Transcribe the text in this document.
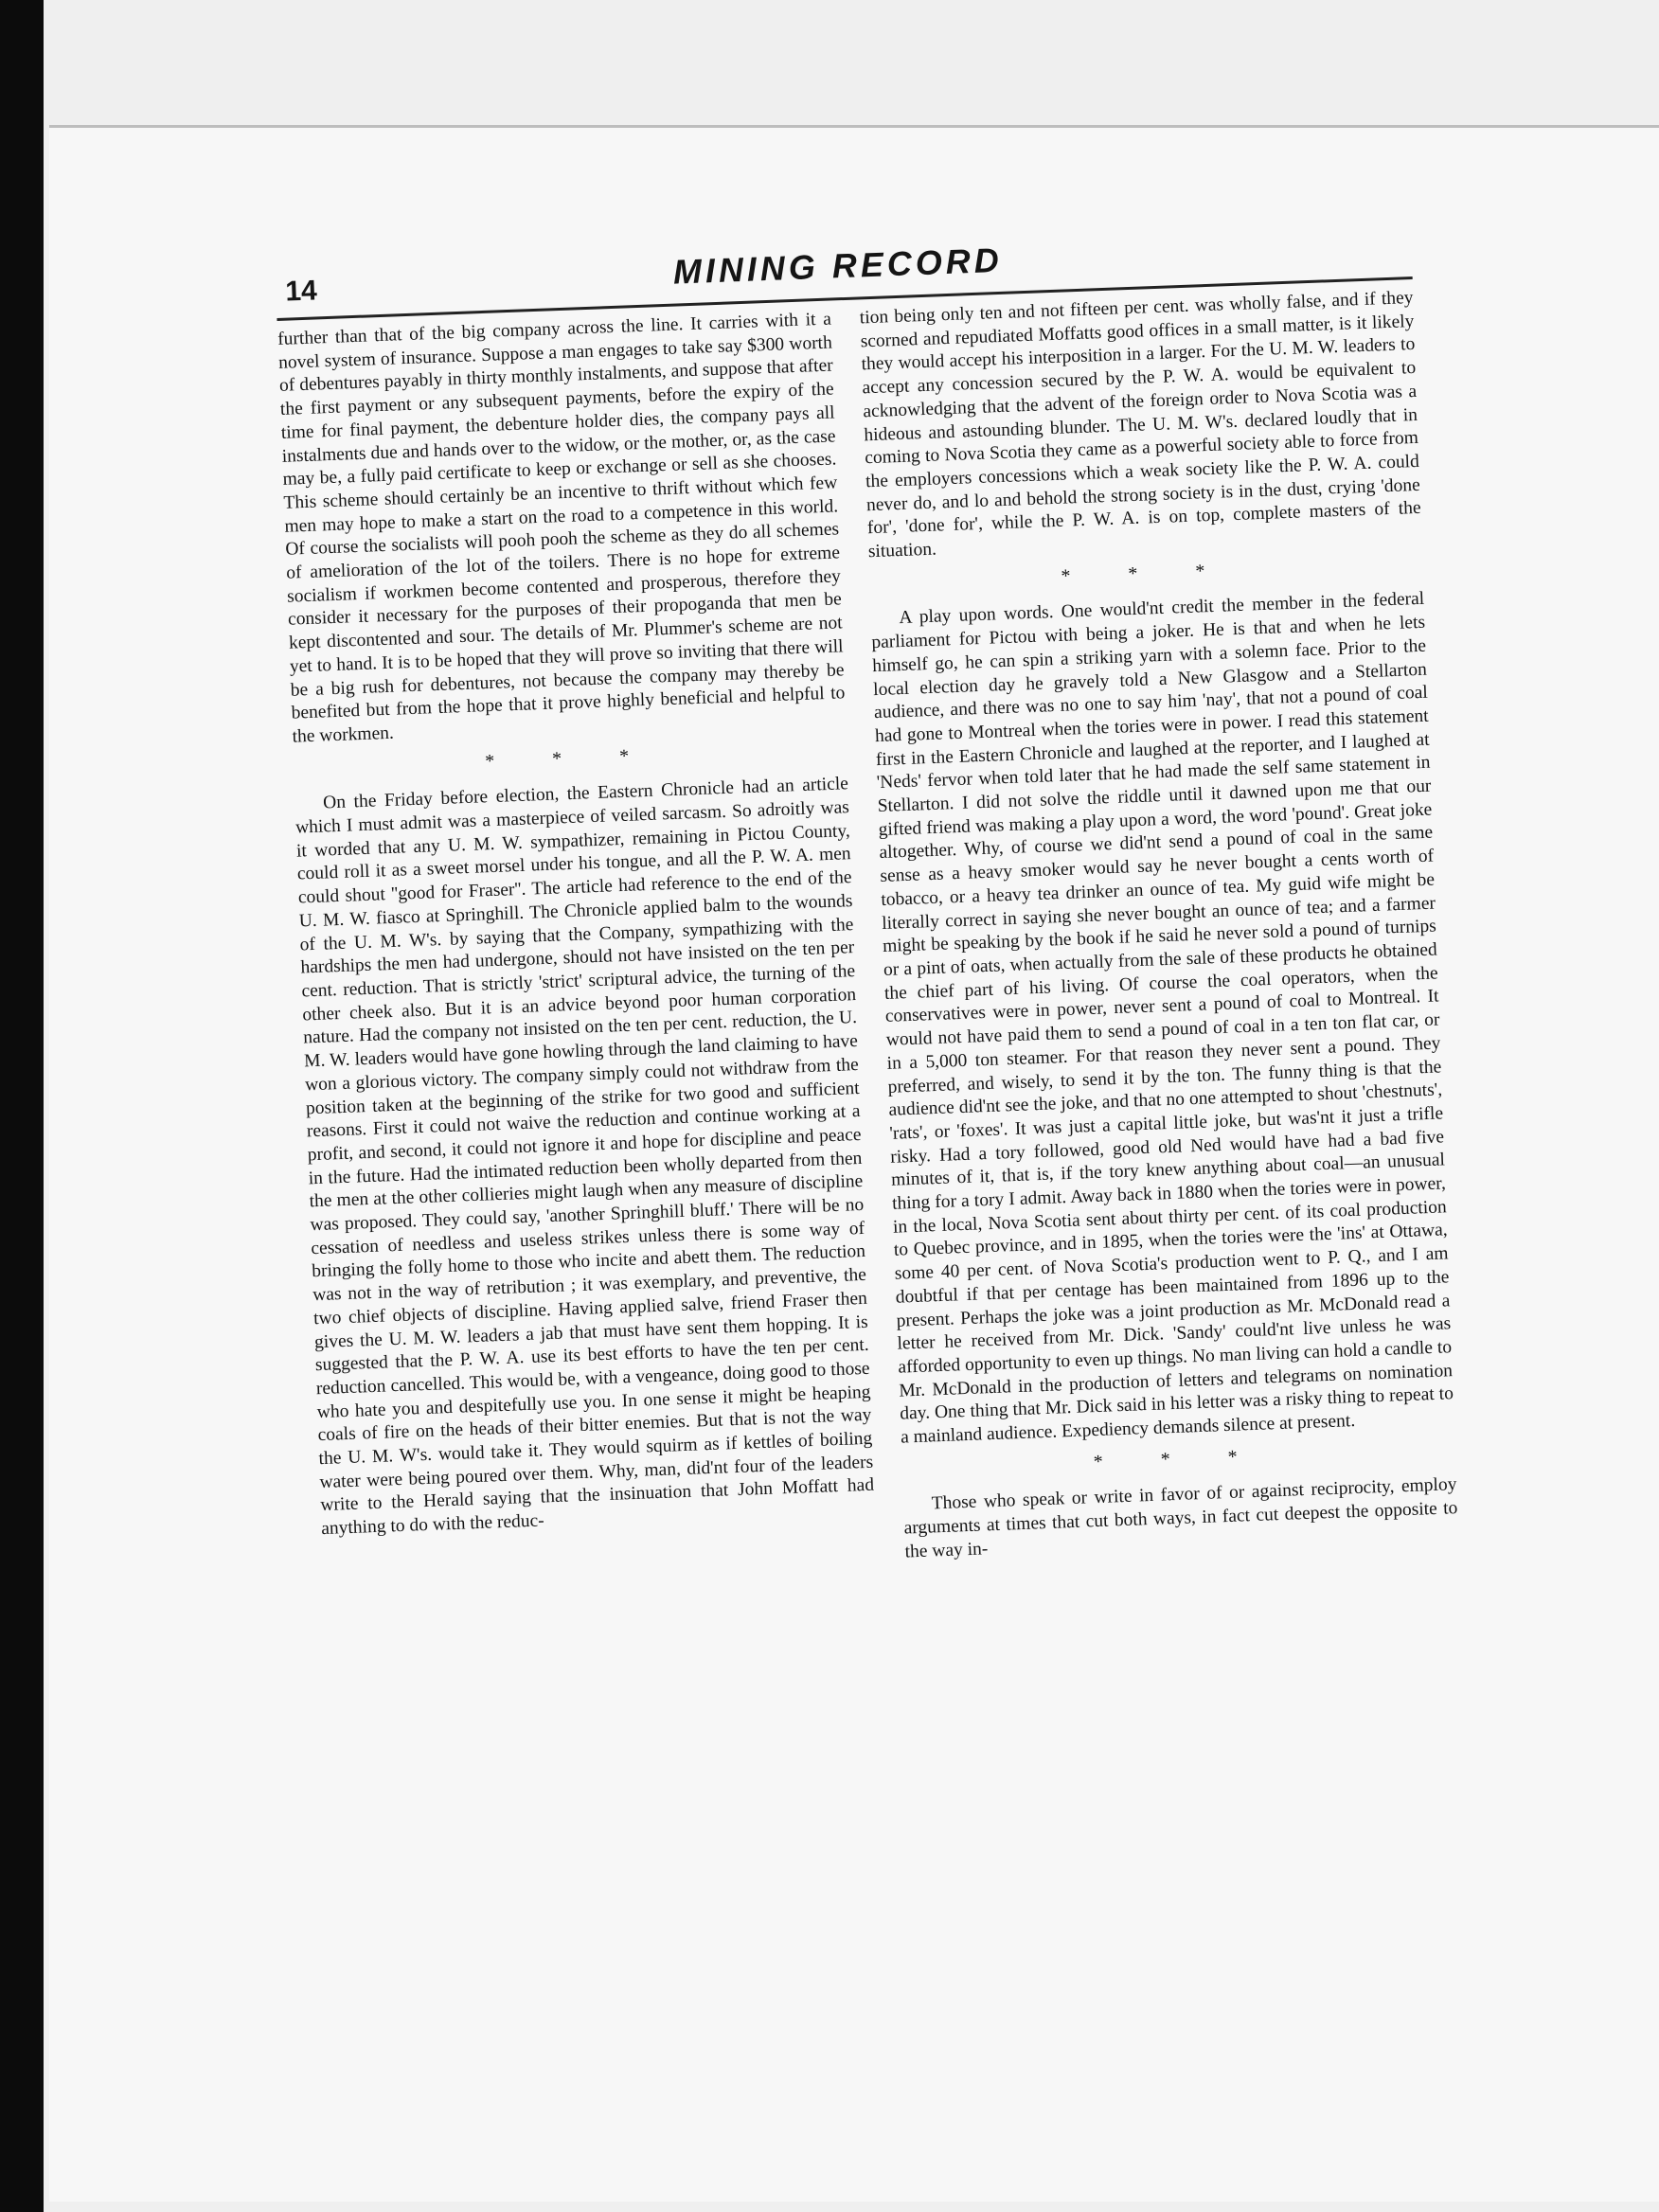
14	MINING RECORD

further than that of the big company across the line. It carries with it a novel system of insurance. Suppose a man engages to take say $300 worth of debentures payably in thirty monthly instalments, and suppose that after the first payment or any subsequent payments, before the expiry of the time for final payment, the debenture holder dies, the company pays all instalments due and hands over to the widow, or the mother, or, as the case may be, a fully paid certificate to keep or exchange or sell as she chooses. This scheme should certainly be an incentive to thrift without which few men may hope to make a start on the road to a competence in this world. Of course the socialists will pooh pooh the scheme as they do all schemes of amelioration of the lot of the toilers. There is no hope for extreme socialism if workmen become contented and prosperous, therefore they consider it necessary for the purposes of their propoganda that men be kept discontented and sour. The details of Mr. Plummer's scheme are not yet to hand. It is to be hoped that they will prove so inviting that there will be a big rush for debentures, not because the company may thereby be benefited but from the hope that it prove highly beneficial and helpful to the workmen.

* * *

On the Friday before election, the Eastern Chronicle had an article which I must admit was a masterpiece of veiled sarcasm. So adroitly was it worded that any U. M. W. sympathizer, remaining in Pictou County, could roll it as a sweet morsel under his tongue, and all the P. W. A. men could shout ''good for Fraser''. The article had reference to the end of the U. M. W. fiasco at Springhill. The Chronicle applied balm to the wounds of the U. M. W's. by saying that the Company, sympathizing with the hardships the men had undergone, should not have insisted on the ten per cent. reduction. That is strictly 'strict' scriptural advice, the turning of the other cheek also. But it is an advice beyond poor human corporation nature. Had the company not insisted on the ten per cent. reduction, the U. M. W. leaders would have gone howling through the land claiming to have won a glorious victory. The company simply could not withdraw from the position taken at the beginning of the strike for two good and sufficient reasons. First it could not waive the reduction and continue working at a profit, and second, it could not ignore it and hope for discipline and peace in the future. Had the intimated reduction been wholly departed from then the men at the other collieries might laugh when any measure of discipline was proposed. They could say, 'another Springhill bluff.' There will be no cessation of needless and useless strikes unless there is some way of bringing the folly home to those who incite and abett them. The reduction was not in the way of retribution ; it was exemplary, and preventive, the two chief objects of discipline. Having applied salve, friend Fraser then gives the U. M. W. leaders a jab that must have sent them hopping. It is suggested that the P. W. A. use its best efforts to have the ten per cent. reduction cancelled. This would be, with a vengeance, doing good to those who hate you and despitefully use you. In one sense it might be heaping coals of fire on the heads of their bitter enemies. But that is not the way the U. M. W's. would take it. They would squirm as if kettles of boiling water were being poured over them. Why, man, did'nt four of the leaders write to the Herald saying that the insinuation that John Moffatt had anything to do with the reduc-

tion being only ten and not fifteen per cent. was wholly false, and if they scorned and repudiated Moffatts good offices in a small matter, is it likely they would accept his interposition in a larger. For the U. M. W. leaders to accept any concession secured by the P. W. A. would be equivalent to acknowledging that the advent of the foreign order to Nova Scotia was a hideous and astounding blunder. The U. M. W's. declared loudly that in coming to Nova Scotia they came as a powerful society able to force from the employers concessions which a weak society like the P. W. A. could never do, and lo and behold the strong society is in the dust, crying 'done for', 'done for', while the P. W. A. is on top, complete masters of the situation.

* * *

A play upon words. One would'nt credit the member in the federal parliament for Pictou with being a joker. He is that and when he lets himself go, he can spin a striking yarn with a solemn face. Prior to the local election day he gravely told a New Glasgow and a Stellarton audience, and there was no one to say him 'nay', that not a pound of coal had gone to Montreal when the tories were in power. I read this statement first in the Eastern Chronicle and laughed at the reporter, and I laughed at 'Neds' fervor when told later that he had made the self same statement in Stellarton. I did not solve the riddle until it dawned upon me that our gifted friend was making a play upon a word, the word 'pound'. Great joke altogether. Why, of course we did'nt send a pound of coal in the same sense as a heavy smoker would say he never bought a cents worth of tobacco, or a heavy tea drinker an ounce of tea. My guid wife might be literally correct in saying she never bought an ounce of tea; and a farmer might be speaking by the book if he said he never sold a pound of turnips or a pint of oats, when actually from the sale of these products he obtained the chief part of his living. Of course the coal operators, when the conservatives were in power, never sent a pound of coal to Montreal. It would not have paid them to send a pound of coal in a ten ton flat car, or in a 5,000 ton steamer. For that reason they never sent a pound. They preferred, and wisely, to send it by the ton. The funny thing is that the audience did'nt see the joke, and that no one attempted to shout 'chestnuts', 'rats', or 'foxes'. It was just a capital little joke, but was'nt it just a trifle risky. Had a tory followed, good old Ned would have had a bad five minutes of it, that is, if the tory knew anything about coal—an unusual thing for a tory I admit. Away back in 1880 when the tories were in power, in the local, Nova Scotia sent about thirty per cent. of its coal production to Quebec province, and in 1895, when the tories were the 'ins' at Ottawa, some 40 per cent. of Nova Scotia's production went to P. Q., and I am doubtful if that per centage has been maintained from 1896 up to the present. Perhaps the joke was a joint production as Mr. McDonald read a letter he received from Mr. Dick. 'Sandy' could'nt live unless he was afforded opportunity to even up things. No man living can hold a candle to Mr. McDonald in the production of letters and telegrams on nomination day. One thing that Mr. Dick said in his letter was a risky thing to repeat to a mainland audience. Expediency demands silence at present.

* * *

Those who speak or write in favor of or against reciprocity, employ arguments at times that cut both ways, in fact cut deepest the opposite to the way in-
